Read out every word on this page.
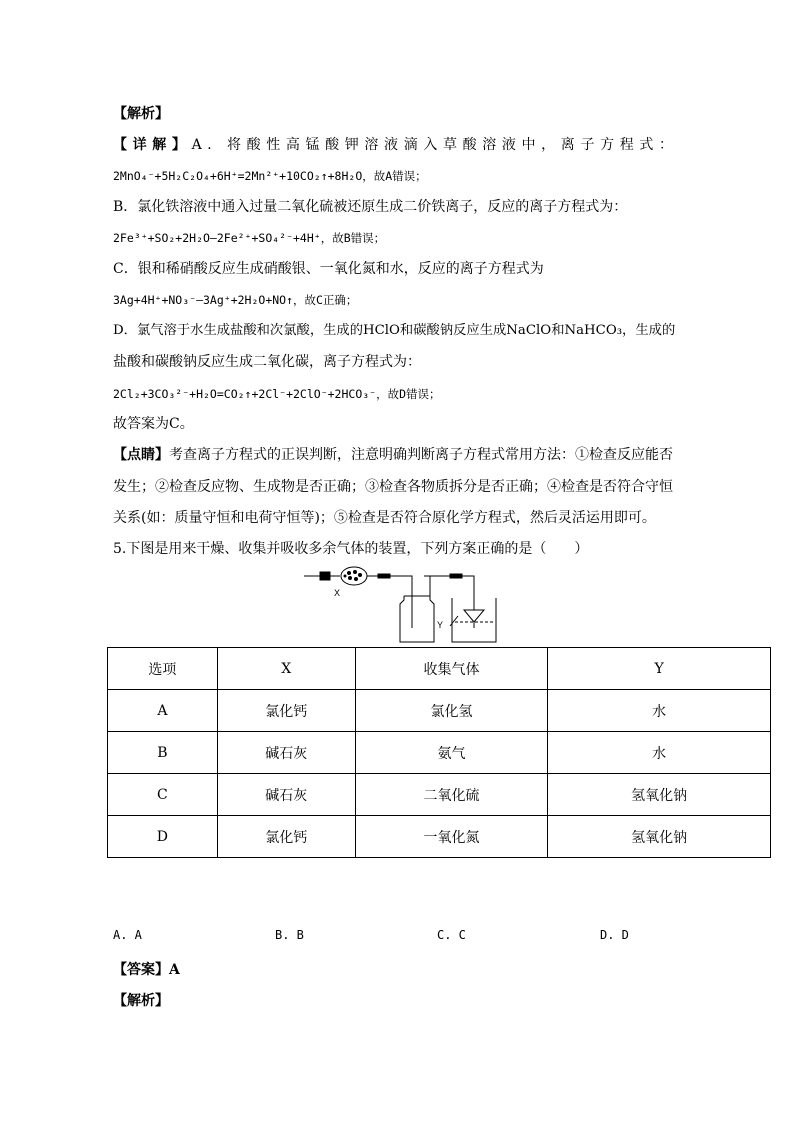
【解析】
【详解】A．将酸性高锰酸钾溶液滴入草酸溶液中，离子方程式：
2MnO₄⁻+5H₂C₂O₄+6H⁺=2Mn²⁺+10CO₂↑+8H₂O，故A错误；
B．氯化铁溶液中通入过量二氧化硫被还原生成二价铁离子，反应的离子方程式为：
2Fe³⁺+SO₂+2H₂O—2Fe²⁺+SO₄²⁻+4H⁺，故B错误；
C．银和稀硝酸反应生成硝酸银、一氧化氮和水，反应的离子方程式为
3Ag+4H⁺+NO₃⁻—3Ag⁺+2H₂O+NO↑，故C正确；
D．氯气溶于水生成盐酸和次氯酸，生成的HClO和碳酸钠反应生成NaClO和NaHCO₃，生成的
盐酸和碳酸钠反应生成二氧化碳，离子方程式为：
2Cl₂+3CO₃²⁻+H₂O=CO₂↑+2Cl⁻+2ClO⁻+2HCO₃⁻，故D错误；
故答案为C。
【点睛】考查离子方程式的正误判断，注意明确判断离子方程式常用方法：①检查反应能否
发生；②检查反应物、生成物是否正确；③检查各物质拆分是否正确；④检查是否符合守恒
关系(如：质量守恒和电荷守恒等)；⑤检查是否符合原化学方程式，然后灵活运用即可。
5.下图是用来干燥、收集并吸收多余气体的装置，下列方案正确的是（　　）
X
Y
选项	X	收集气体	Y
A	氯化钙	氯化氢	水
B	碱石灰	氨气	水
C	碱石灰	二氧化硫	氢氧化钠
D	氯化钙	一氧化氮	氢氧化钠
A. A	B. B	C. C	D. D
【答案】A
【解析】
